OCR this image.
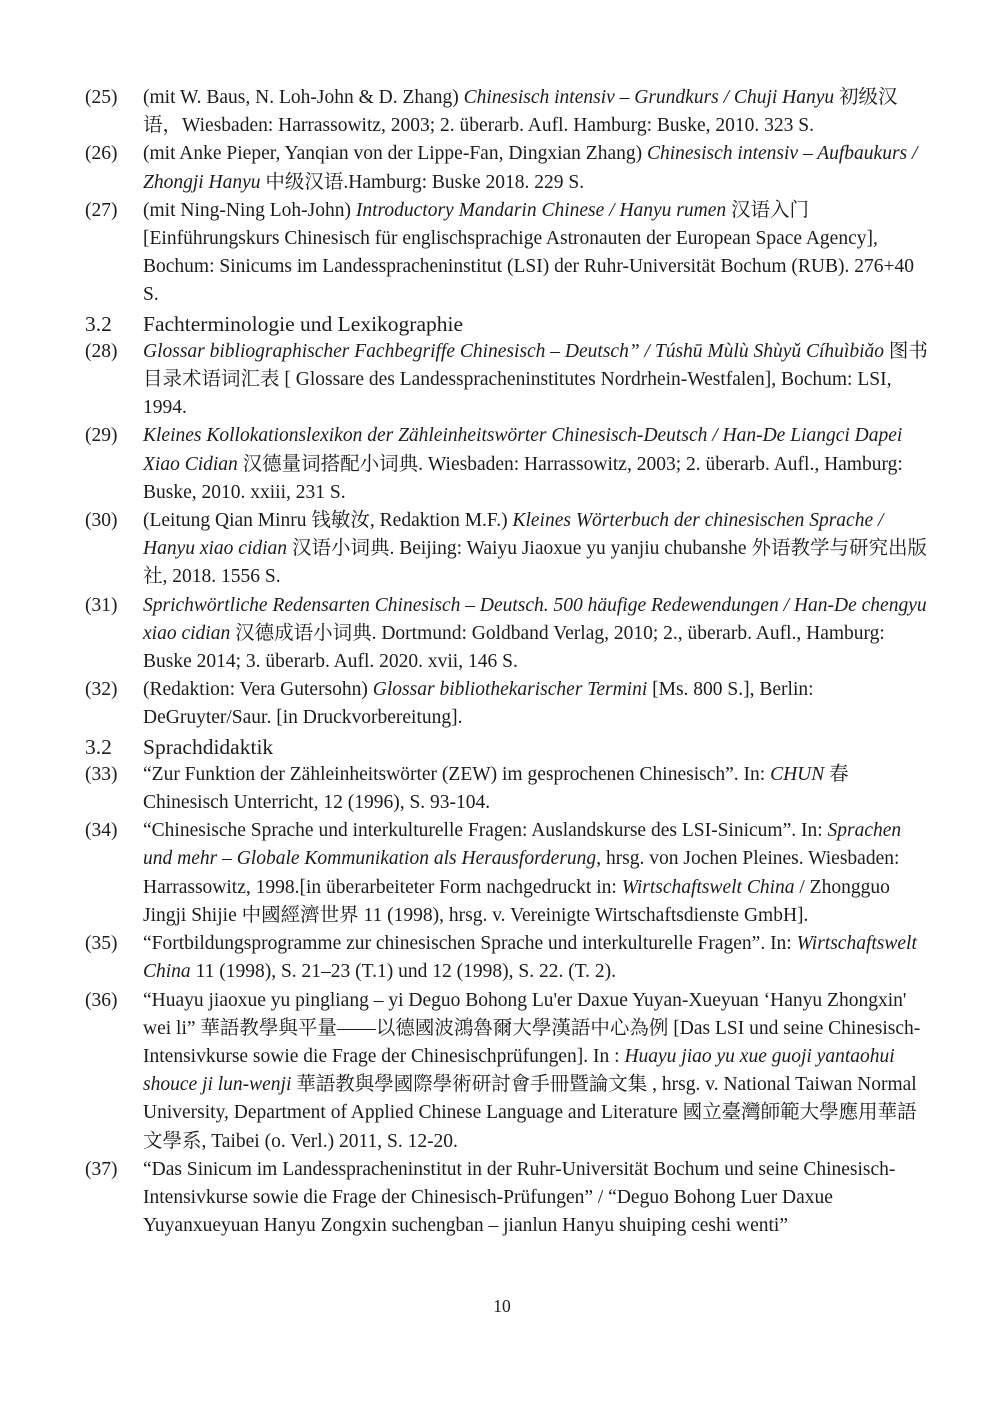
(25)	(mit W. Baus, N. Loh-John & D. Zhang) Chinesisch intensiv – Grundkurs / Chuji Hanyu 初级汉语，Wiesbaden: Harrassowitz, 2003; 2. überarb. Aufl. Hamburg: Buske, 2010. 323 S.
(26)	(mit Anke Pieper, Yanqian von der Lippe-Fan, Dingxian Zhang) Chinesisch intensiv – Aufbaukurs / Zhongji Hanyu 中级汉语.Hamburg: Buske 2018. 229 S.
(27)	(mit Ning-Ning Loh-John) Introductory Mandarin Chinese / Hanyu rumen 汉语入门 [Einführungskurs Chinesisch für englischsprachige Astronauten der European Space Agency], Bochum: Sinicums im Landesspracheninstitut (LSI) der Ruhr-Universität Bochum (RUB). 276+40 S.
3.2	Fachterminologie und Lexikographie
(28)	Glossar bibliographischer Fachbegriffe Chinesisch – Deutsch” / Túshū Mùlù Shùyǔ Cíhuìbiǎo 图书目录术语词汇表 [ Glossare des Landesspracheninstitutes Nordrhein-Westfalen], Bochum: LSI, 1994.
(29)	Kleines Kollokationslexikon der Zähleinheitswörter Chinesisch-Deutsch / Han-De Liangci Dapei Xiao Cidian 汉德量词搭配小词典. Wiesbaden: Harrassowitz, 2003; 2. überarb. Aufl., Hamburg: Buske, 2010. xxiii, 231 S.
(30)	(Leitung Qian Minru 钱敏汝, Redaktion M.F.) Kleines Wörterbuch der chinesischen Sprache / Hanyu xiao cidian 汉语小词典. Beijing: Waiyu Jiaoxue yu yanjiu chubanshe 外语教学与研究出版社, 2018. 1556 S.
(31)	Sprichwörtliche Redensarten Chinesisch – Deutsch. 500 häufige Redewendungen / Han-De chengyu xiao cidian 汉德成语小词典. Dortmund: Goldband Verlag, 2010; 2., überarb. Aufl., Hamburg: Buske 2014; 3. überarb. Aufl. 2020. xvii, 146 S.
(32)	(Redaktion: Vera Gutersohn) Glossar bibliothekarischer Termini [Ms. 800 S.], Berlin: DeGruyter/Saur. [in Druckvorbereitung].
3.2	Sprachdidaktik
(33)	“Zur Funktion der Zähleinheitswörter (ZEW) im gesprochenen Chinesisch”. In: CHUN 春 Chinesisch Unterricht, 12 (1996), S. 93-104.
(34)	“Chinesische Sprache und interkulturelle Fragen: Auslandskurse des LSI-Sinicum”. In: Sprachen und mehr – Globale Kommunikation als Herausforderung, hrsg. von Jochen Pleines. Wiesbaden: Harrassowitz, 1998.[in überarbeiteter Form nachgedruckt in: Wirtschaftswelt China / Zhongguo Jingji Shijie 中國經濟世界 11 (1998), hrsg. v. Vereinigte Wirtschaftsdienste GmbH].
(35)	“Fortbildungsprogramme zur chinesischen Sprache und interkulturelle Fragen”. In: Wirtschaftswelt China 11 (1998), S. 21–23 (T.1) und 12 (1998), S. 22. (T. 2).
(36)	“Huayu jiaoxue yu pingliang – yi Deguo Bohong Lu'er Daxue Yuyan-Xueyuan ‘Hanyu Zhongxin' wei li” 華語教學與平量——以德國波鴻魯爾大學漢語中心為例 [Das LSI und seine Chinesisch-Intensivkurse sowie die Frage der Chinesischprüfungen]. In : Huayu jiao yu xue guoji yantaohui shouce ji lun-wenji 華語教與學國際學術研討會手冊暨論文集 , hrsg. v. National Taiwan Normal University, Department of Applied Chinese Language and Literature 國立臺灣師範大學應用華語文學系, Taibei (o. Verl.) 2011, S. 12-20.
(37)	“Das Sinicum im Landesspracheninstitut in der Ruhr-Universität Bochum und seine Chinesisch-Intensivkurse sowie die Frage der Chinesisch-Prüfungen” / “Deguo Bohong Luer Daxue Yuyanxueyuan Hanyu Zongxin suchengban – jianlun Hanyu shuiping ceshi wenti”
10
